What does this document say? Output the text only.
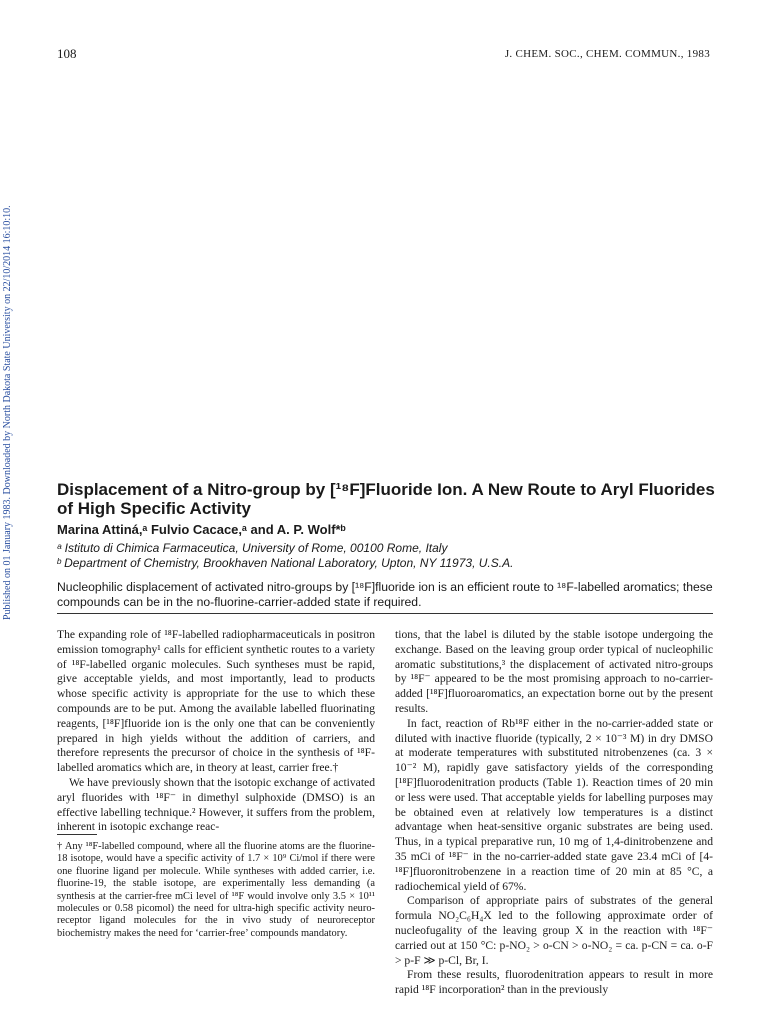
108	J. CHEM. SOC., CHEM. COMMUN., 1983
Published on 01 January 1983. Downloaded by North Dakota State University on 22/10/2014 16:10:10.	Displacement of a Nitro-group by [¹⁸F]Fluoride Ion. A New Route to Aryl Fluorides of High Specific Activity
Marina Attiná,ᵃ Fulvio Cacace,ᵃ and A. P. Wolf*ᵇ
ᵃ Istituto di Chimica Farmaceutica, University of Rome, 00100 Rome, Italy
ᵇ Department of Chemistry, Brookhaven National Laboratory, Upton, NY 11973, U.S.A.
Nucleophilic displacement of activated nitro-groups by [¹⁸F]fluoride ion is an efficient route to ¹⁸F-labelled aromatics; these compounds can be in the no-fluorine-carrier-added state if required.

The expanding role of ¹⁸F-labelled radiopharmaceuticals in positron emission tomography¹ calls for efficient synthetic routes to a variety of ¹⁸F-labelled organic molecules. Such syntheses must be rapid, give acceptable yields, and most importantly, lead to products whose specific activity is appropriate for the use to which these compounds are to be put. Among the available labelled fluorinating reagents, [¹⁸F]fluoride ion is the only one that can be conveniently prepared in high yields without the addition of carriers, and therefore represents the precursor of choice in the synthesis of ¹⁸F-labelled aromatics which are, in theory at least, carrier free.†

We have previously shown that the isotopic exchange of activated aryl fluorides with ¹⁸F⁻ in dimethyl sulphoxide (DMSO) is an effective labelling technique.² However, it suffers from the problem, inherent in isotopic exchange reac-

tions, that the label is diluted by the stable isotope undergoing the exchange. Based on the leaving group order typical of nucleophilic aromatic substitutions,³ the displacement of activated nitro-groups by ¹⁸F⁻ appeared to be the most promising approach to no-carrier-added [¹⁸F]fluoroaromatics, an expectation borne out by the present results.

In fact, reaction of Rb¹⁸F either in the no-carrier-added state or diluted with inactive fluoride (typically, 2 × 10⁻³ M) in dry DMSO at moderate temperatures with substituted nitrobenzenes (ca. 3 × 10⁻² M), rapidly gave satisfactory yields of the corresponding [¹⁸F]fluorodenitration products (Table 1). Reaction times of 20 min or less were used. That acceptable yields for labelling purposes may be obtained even at relatively low temperatures is a distinct advantage when heat-sensitive organic substrates are being used. Thus, in a typical preparative run, 10 mg of 1,4-dinitrobenzene and 35 mCi of ¹⁸F⁻ in the no-carrier-added state gave 23.4 mCi of [4-¹⁸F]fluoronitrobenzene in a reaction time of 20 min at 85 °C, a radiochemical yield of 67%.

Comparison of appropriate pairs of substrates of the general formula NO₂C₆H₄X led to the following approximate order of nucleofugality of the leaving group X in the reaction with ¹⁸F⁻ carried out at 150 °C: p-NO₂ > o-CN > o-NO₂ = ca. p-CN = ca. o-F > p-F ≫ p-Cl, Br, I.

From these results, fluorodenitration appears to result in more rapid ¹⁸F incorporation² than in the previously

† Any ¹⁸F-labelled compound, where all the fluorine atoms are the fluorine-18 isotope, would have a specific activity of 1.7 × 10⁹ Ci/mol if there were one fluorine ligand per molecule. While syntheses with added carrier, i.e. fluorine-19, the stable isotope, are experimentally less demanding (a synthesis at the carrier-free mCi level of ¹⁸F would involve only 3.5 × 10¹¹ molecules or 0.58 picomol) the need for ultra-high specific activity neuro-receptor ligand molecules for the in vivo study of neuroreceptor biochemistry makes the need for ‘carrier-free’ compounds mandatory.
